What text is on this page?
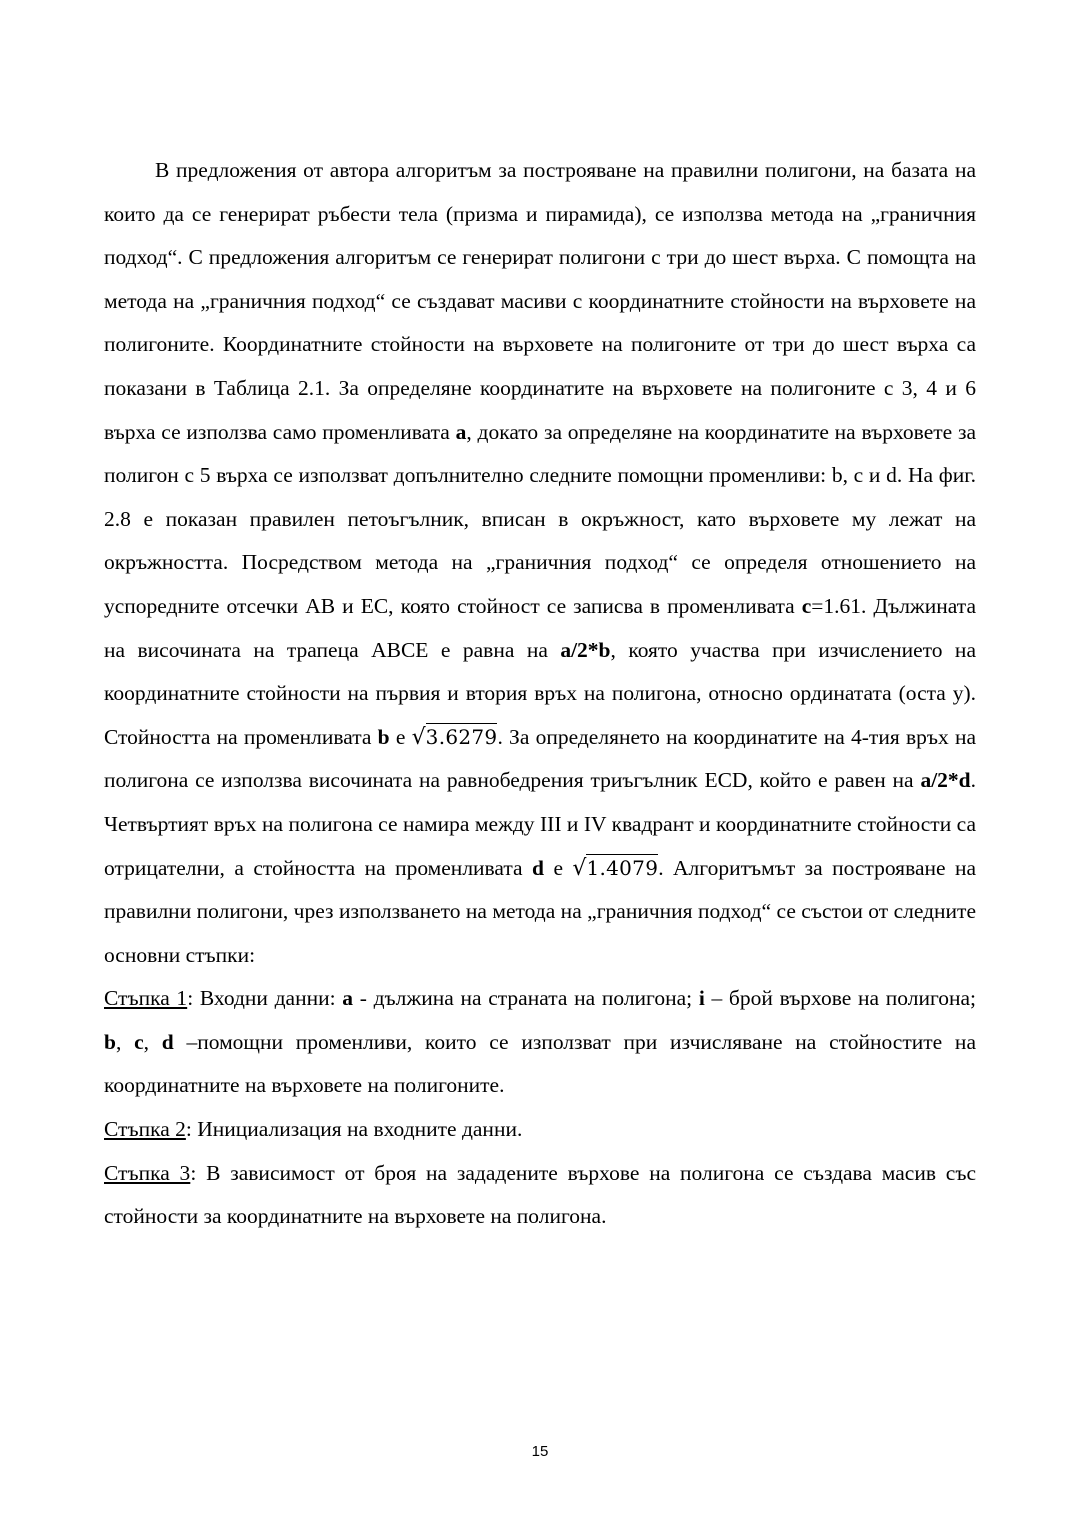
В предложения от автора алгоритъм за построяване на правилни полигони, на базата на които да се генерират ръбести тела (призма и пирамида), се използва метода на „граничния подход“. С предложения алгоритъм се генерират полигони с три до шест върха. С помощта на метода на „граничния подход“ се създават масиви с координатните стойности на върховете на полигоните. Координатните стойности на върховете на полигоните от три до шест върха са показани в Таблица 2.1. За определяне координатите на върховете на полигоните с 3, 4 и 6 върха се използва само променливата a, докато за определяне на координатите на върховете за полигон с 5 върха се използват допълнително следните помощни променливи: b, c и d. На фиг. 2.8 е показан правилен петоъгълник, вписан в окръжност, като върховете му лежат на окръжността. Посредством метода на „граничния подход“ се определя отношението на успоредните отсечки AB и EC, която стойност се записва в променливата c=1.61. Дължината на височината на трапеца ABCE е равна на a/2*b, която участва при изчислението на координатните стойности на първия и втория връх на полигона, относно ординатата (оста y). Стойността на променливата b е √3.6279. За определянето на координатите на 4-тия връх на полигона се използва височината на равнобедрения триъгълник ECD, който е равен на a/2*d. Четвъртият връх на полигона се намира между III и IV квадрант и координатните стойности са отрицателни, а стойността на променливата d е √1.4079. Алгоритъмът за построяване на правилни полигони, чрез използването на метода на „граничния подход“ се състои от следните основни стъпки:

Стъпка 1: Входни данни: a - дължина на страната на полигона; i – брой върхове на полигона; b, c, d –помощни променливи, които се използват при изчисляване на стойностите на координатните на върховете на полигоните.

Стъпка 2: Инициализация на входните данни.

Стъпка 3: В зависимост от броя на зададените върхове на полигона се създава масив със стойности за координатните на върховете на полигона.

15
